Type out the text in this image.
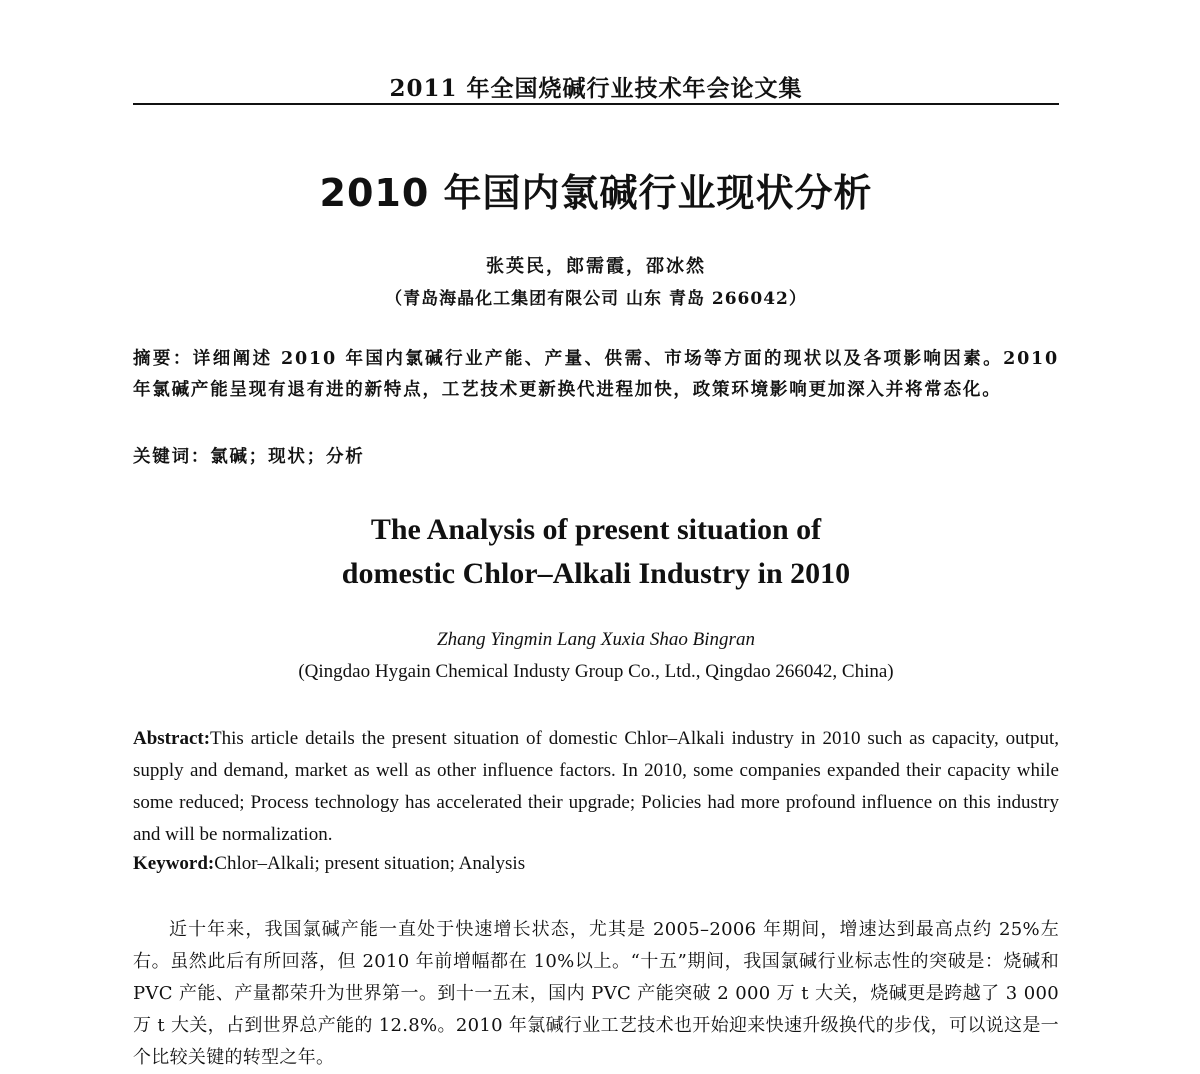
2011 年全国烧碱行业技术年会论文集
2010 年国内氯碱行业现状分析
张英民，郎需霞，邵冰然
（青岛海晶化工集团有限公司 山东 青岛 266042）
摘要：详细阐述 2010 年国内氯碱行业产能、产量、供需、市场等方面的现状以及各项影响因素。2010 年氯碱产能呈现有退有进的新特点，工艺技术更新换代进程加快，政策环境影响更加深入并将常态化。
关键词：氯碱；现状；分析
The Analysis of present situation of
domestic Chlor–Alkali Industry in 2010
Zhang Yingmin Lang Xuxia Shao Bingran
(Qingdao Hygain Chemical Industy Group Co., Ltd., Qingdao 266042, China)
Abstract:This article details the present situation of domestic Chlor–Alkali industry in 2010 such as capacity, output, supply and demand, market as well as other influence factors. In 2010, some companies expanded their capacity while some reduced; Process technology has accelerated their upgrade; Policies had more profound influence on this industry and will be normalization.
Keyword:Chlor–Alkali; present situation; Analysis
近十年来，我国氯碱产能一直处于快速增长状态，尤其是 2005–2006 年期间，增速达到最高点约 25%左右。虽然此后有所回落，但 2010 年前增幅都在 10%以上。“十五”期间，我国氯碱行业标志性的突破是：烧碱和 PVC 产能、产量都荣升为世界第一。到十一五末，国内 PVC 产能突破 2 000 万 t 大关，烧碱更是跨越了 3 000 万 t 大关，占到世界总产能的 12.8%。2010 年氯碱行业工艺技术也开始迎来快速升级换代的步伐，可以说这是一个比较关键的转型之年。
